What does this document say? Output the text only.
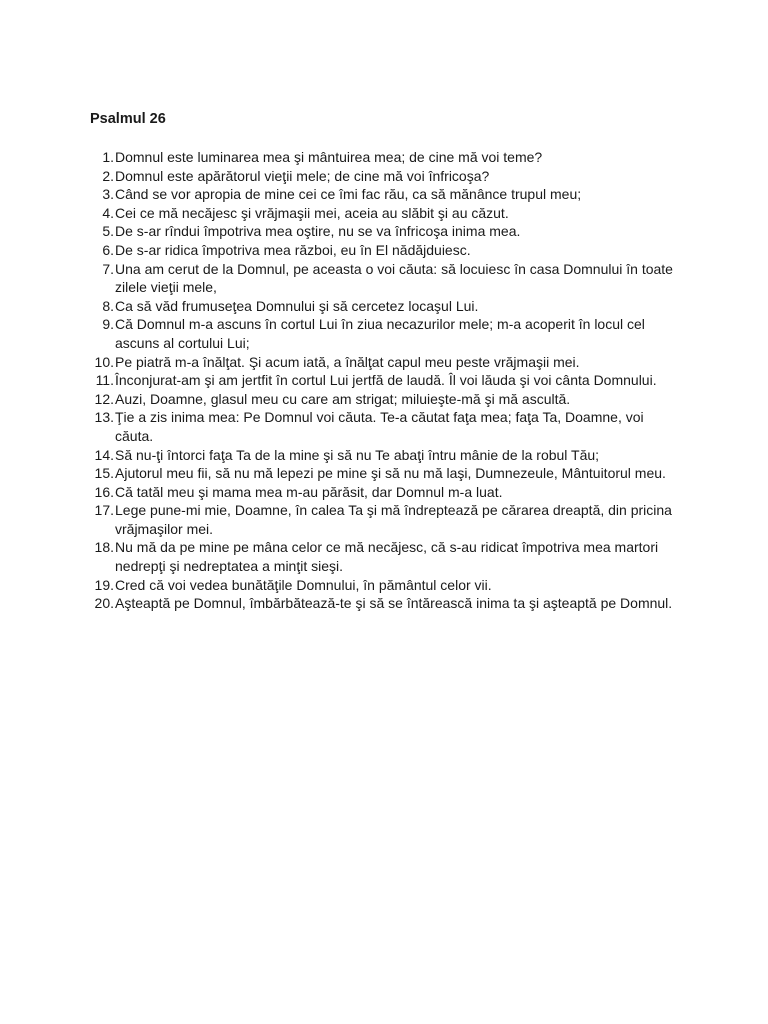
Psalmul 26
1. Domnul este luminarea mea şi mântuirea mea; de cine mă voi teme?
2. Domnul este apărătorul vieţii mele; de cine mă voi înfricoşa?
3. Când se vor apropia de mine cei ce îmi fac rău, ca să mănânce trupul meu;
4. Cei ce mă necăjesc şi vrăjmaşii mei, aceia au slăbit şi au căzut.
5. De s-ar rîndui împotriva mea oştire, nu se va înfricoşa inima mea.
6. De s-ar ridica împotriva mea război, eu în El nădăjduiesc.
7. Una am cerut de la Domnul, pe aceasta o voi căuta: să locuiesc în casa Domnului în toate zilele vieţii mele,
8. Ca să văd frumuseţea Domnului şi să cercetez locaşul Lui.
9. Că Domnul m-a ascuns în cortul Lui în ziua necazurilor mele; m-a acoperit în locul cel ascuns al cortului Lui;
10. Pe piatră m-a înălţat. Şi acum iată, a înălţat capul meu peste vrăjmaşii mei.
11. Înconjurat-am şi am jertfit în cortul Lui jertfă de laudă. Îl voi lăuda şi voi cânta Domnului.
12. Auzi, Doamne, glasul meu cu care am strigat; miluieşte-mă şi mă ascultă.
13. Ţie a zis inima mea: Pe Domnul voi căuta. Te-a căutat faţa mea; faţa Ta, Doamne, voi căuta.
14. Să nu-ţi întorci faţa Ta de la mine şi să nu Te abaţi întru mânie de la robul Tău;
15. Ajutorul meu fii, să nu mă lepezi pe mine şi să nu mă laşi, Dumnezeule, Mântuitorul meu.
16. Că tatăl meu şi mama mea m-au părăsit, dar Domnul m-a luat.
17. Lege pune-mi mie, Doamne, în calea Ta şi mă îndreptează pe cărarea dreaptă, din pricina vrăjmaşilor mei.
18. Nu mă da pe mine pe mâna celor ce mă necăjesc, că s-au ridicat împotriva mea martori nedrepţi şi nedreptatea a minţit sieşi.
19. Cred că voi vedea bunătăţile Domnului, în pământul celor vii.
20. Aşteaptă pe Domnul, îmbărbătează-te şi să se întărească inima ta şi aşteaptă pe Domnul.
